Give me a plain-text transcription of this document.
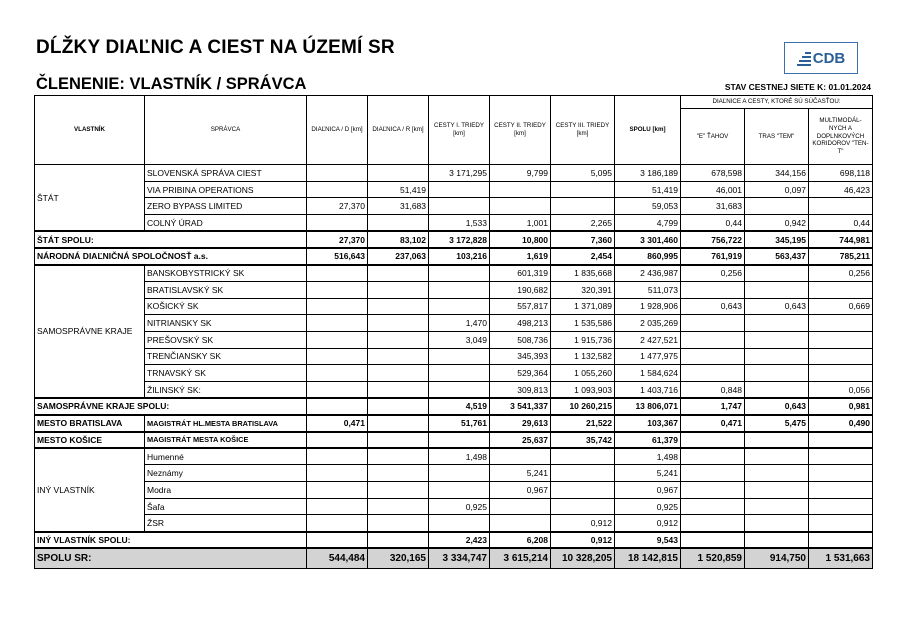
DĹŽKY DIAĽNIC A CIEST NA ÚZEMÍ SR
ČLENENIE: VLASTNÍK / SPRÁVCA	STAV CESTNEJ SIETE K: 01.01.2024
CDB
VLASTNÍK	SPRÁVCA	DIAĽNICA / D [km]	DIAĽNICA / R [km]	CESTY I. TRIEDY [km]	CESTY II. TRIEDY [km]	CESTY III. TRIEDY [km]	SPOLU [km]	DIAĽNICE A CESTY, KTORÉ SÚ SÚČASŤOU:		
								"E" ŤAHOV	TRAS "TEM"	MULTIMODÁL-NYCH A DOPLNKOVÝCH KORIDOROV "TEN-T"
ŠTÁT	SLOVENSKÁ SPRÁVA CIEST			3 171,295	9,799	5,095	3 186,189	678,598	344,156	698,118
	VIA PRIBINA OPERATIONS		51,419				51,419	46,001	0,097	46,423
	ZERO BYPASS LIMITED	27,370	31,683				59,053	31,683		
	COLNÝ ÚRAD			1,533	1,001	2,265	4,799	0,44	0,942	0,44
ŠTÁT SPOLU:		27,370	83,102	3 172,828	10,800	7,360	3 301,460	756,722	345,195	744,981
NÁRODNÁ DIAĽNIČNÁ SPOLOČNOSŤ a.s.		516,643	237,063	103,216	1,619	2,454	860,995	761,919	563,437	785,211
SAMOSPRÁVNE KRAJE	BANSKOBYSTRICKÝ SK				601,319	1 835,668	2 436,987	0,256		0,256
	BRATISLAVSKÝ SK				190,682	320,391	511,073			
	KOŠICKÝ SK				557,817	1 371,089	1 928,906	0,643	0,643	0,669
	NITRIANSKY SK			1,470	498,213	1 535,586	2 035,269			
	PREŠOVSKÝ SK			3,049	508,736	1 915,736	2 427,521			
	TRENČIANSKY SK				345,393	1 132,582	1 477,975			
	TRNAVSKÝ SK				529,364	1 055,260	1 584,624			
	ŽILINSKÝ SK:				309,813	1 093,903	1 403,716	0,848		0,056
SAMOSPRÁVNE KRAJE SPOLU:				4,519	3 541,337	10 260,215	13 806,071	1,747	0,643	0,981
MESTO BRATISLAVA	MAGISTRÁT HL.MESTA BRATISLAVA	0,471		51,761	29,613	21,522	103,367	0,471	5,475	0,490
MESTO KOŠICE	MAGISTRÁT MESTA KOŠICE				25,637	35,742	61,379			
INÝ VLASTNÍK	Humenné			1,498			1,498			
	Neznámy				5,241		5,241			
	Modra				0,967		0,967			
	Šaľa			0,925			0,925			
	ŽSR					0,912	0,912			
INÝ VLASTNÍK SPOLU:				2,423	6,208	0,912	9,543			
SPOLU SR:		544,484	320,165	3 334,747	3 615,214	10 328,205	18 142,815	1 520,859	914,750	1 531,663
